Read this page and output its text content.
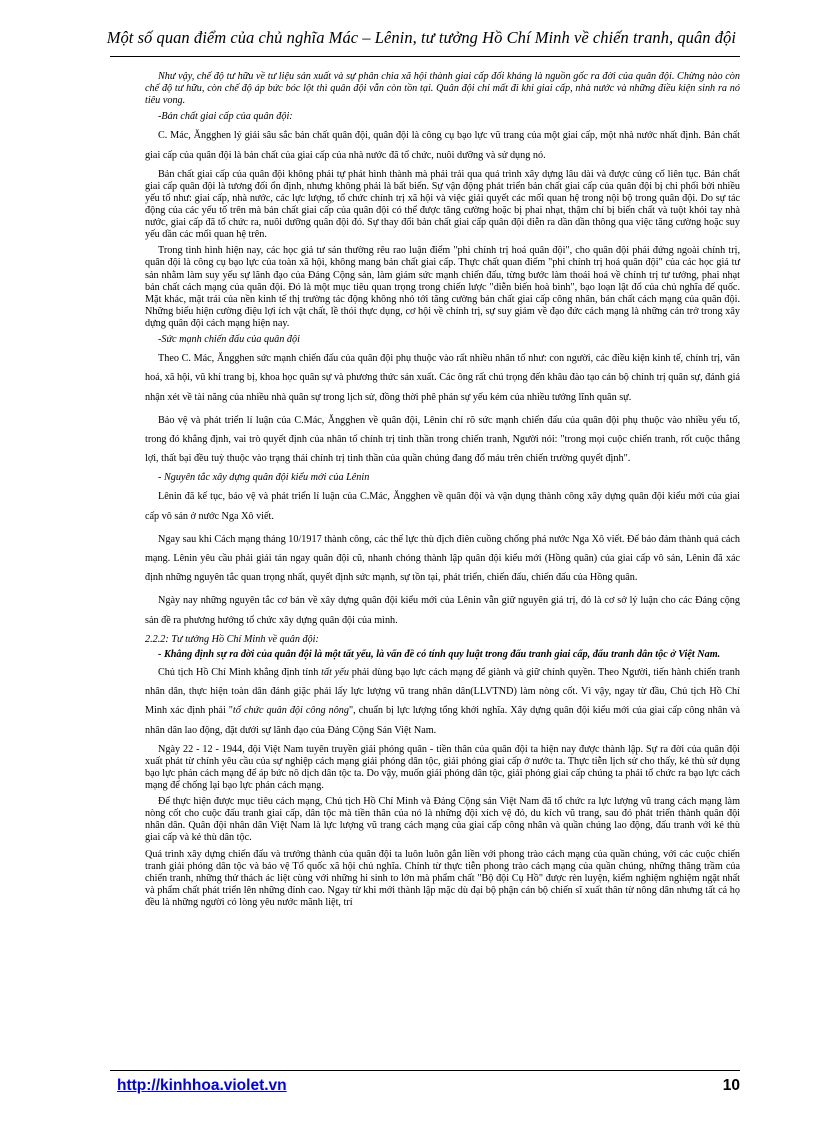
Một số quan điểm của chủ nghĩa Mác – Lênin, tư tưởng Hồ Chí Minh về chiến tranh, quân đội

Như vậy, chế độ tư hữu về tư liệu sản xuất và sự phân chia xã hội thành giai cấp đối kháng là nguồn gốc ra đời của quân đội. Chừng nào còn chế độ tư hữu, còn chế độ áp bức bóc lột thì quân đội vẫn còn tồn tại. Quân đội chỉ mất đi khi giai cấp, nhà nước và những điều kiện sinh ra nó tiêu vong.

-Bản chất giai cấp của quân đội:

C. Mác, Ăngghen lý giải sâu sắc bản chất quân đội, quân đội là công cụ bạo lực vũ trang của một giai cấp, một nhà nước nhất định. Bản chất giai cấp của quân đội là bản chất của giai cấp của nhà nước đã tổ chức, nuôi dưỡng và sử dụng nó.

Bản chất giai cấp của quân đội không phải tự phát hình thành mà phải trải qua quá trình xây dựng lâu dài và được củng cố liên tục. Bản chất giai cấp quân đội là tương đối ổn định, nhưng không phải là bất biến. Sự vận động phát triển bản chất giai cấp của quân đội bị chi phối bởi nhiều yếu tố như: giai cấp, nhà nước, các lực lượng, tổ chức chính trị xã hội và việc giải quyết các mối quan hệ trong nội bộ trong quân đội. Do sự tác động của các yếu tố trên mà bản chất giai cấp của quân đội có thể được tăng cường hoặc bị phai nhạt, thậm chí bị biến chất và tuột khỏi tay nhà nước, giai cấp đã tổ chức ra, nuôi dưỡng quân đội đó. Sự thay đổi bản chất giai cấp quân đội diễn ra dần dần thông qua việc tăng cường hoặc suy yếu dần các mối quan hệ trên.

Trong tình hình hiện nay, các học giả tư sản thường rêu rao luận điểm "phi chính trị hoá quân đội", cho quân đội phải đứng ngoài chính trị, quân đội là công cụ bạo lực của toàn xã hội, không mang bản chất giai cấp. Thực chất quan điểm "phi chính trị hoá quân đội" của các học giả tư sản nhằm làm suy yếu sự lãnh đạo của Đảng Cộng sản, làm giảm sức mạnh chiến đấu, từng bước làm thoái hoá về chính trị tư tưởng, phai nhạt bản chất cách mạng của quân đội. Đó là một mục tiêu quan trọng trong chiến lược "diễn biến hoà bình", bạo loạn lật đổ của chủ nghĩa đế quốc. Mặt khác, mặt trái của nền kinh tế thị trường tác động không nhỏ tới tăng cường bản chất giai cấp công nhân, bản chất cách mạng của quân đội. Những biểu hiện cường điệu lợi ích vật chất, lề thói thực dụng, cơ hội về chính trị, sự suy giảm về đạo đức cách mạng là những cản trở trong xây dựng quân đội cách mạng hiện nay.

-Sức mạnh chiến đấu của quân đội

Theo C. Mác, Ăngghen sức mạnh chiến đấu của quân đội phụ thuộc vào rất nhiều nhân tố như: con người, các điều kiện kinh tế, chính trị, văn hoá, xã hội, vũ khí trang bị, khoa học quân sự và phương thức sản xuất. Các ông rất chú trọng đến khâu đào tạo cán bộ chính trị quân sự, đánh giá nhận xét về tài năng của nhiều nhà quân sự trong lịch sử, đồng thời phê phán sự yếu kém của nhiều tướng lĩnh quân sự.

Bảo vệ và phát triển lí luận của C.Mác, Ăngghen về quân đội, Lênin chỉ rõ sức mạnh chiến đấu của quân đội phụ thuộc vào nhiều yếu tố, trong đó khẳng định, vai trò quyết định của nhân tố chính trị tinh thần trong chiến tranh, Người nói: "trong mọi cuộc chiến tranh, rốt cuộc thắng lợi, thất bại đều tuỳ thuộc vào trạng thái chính trị tinh thần của quần chúng đang đổ máu trên chiến trường quyết định".

- Nguyên tắc xây dựng quân đội kiểu mới của Lênin

Lênin đã kế tục, bảo vệ và phát triển lí luận của C.Mác, Ăngghen về quân đội và vận dụng thành công xây dựng quân đội kiểu mới của giai cấp vô sản ở nước Nga Xô viết.

Ngay sau khi Cách mạng tháng 10/1917 thành công, các thế lực thù địch điên cuồng chống phá nước Nga Xô viết. Để bảo đảm thành quả cách mạng. Lênin yêu cầu phải giải tán ngay quân đội cũ, nhanh chóng thành lập quân đội kiểu mới (Hồng quân) của giai cấp vô sản, Lênin đã xác định những nguyên tắc quan trọng nhất, quyết định sức mạnh, sự tồn tại, phát triển, chiến đấu, chiến đấu của Hồng quân.

Ngày nay những nguyên tắc cơ bản về xây dựng quân đội kiểu mới của Lênin vẫn giữ nguyên giá trị, đó là cơ sở lý luận cho các Đảng cộng sản đề ra phương hướng tổ chức xây dựng quân đội của mình.

2.2.2: Tư tưởng Hồ Chí Minh về quân đội:

- Khẳng định sự ra đời của quân đội là một tất yếu, là vấn đề có tính quy luật trong đấu tranh giai cấp, đấu tranh dân tộc ở Việt Nam.

Chủ tịch Hồ Chí Minh khẳng định tính tất yếu phải dùng bạo lực cách mạng để giành và giữ chính quyền. Theo Người, tiến hành chiến tranh nhân dân, thực hiện toàn dân đánh giặc phải lấy lực lượng vũ trang nhân dân(LLVTND) làm nòng cốt. Vì vậy, ngay từ đầu, Chủ tịch Hồ Chí Minh xác định phải "tổ chức quân đội công nông", chuẩn bị lực lượng tổng khởi nghĩa. Xây dựng quân đội kiểu mới của giai cấp công nhân và nhân dân lao động, đặt dưới sự lãnh đạo của Đảng Cộng Sản Việt Nam.

Ngày 22 - 12 - 1944, đội Việt Nam tuyên truyền giải phóng quân - tiền thân của quân đội ta hiện nay được thành lập. Sự ra đời của quân đội xuất phát từ chính yêu cầu của sự nghiệp cách mạng giải phóng dân tộc, giải phóng giai cấp ở nước ta. Thực tiễn lịch sử cho thấy, kẻ thù sử dụng bạo lực phản cách mạng để áp bức nô dịch dân tộc ta. Do vậy, muốn giải phóng dân tộc, giải phóng giai cấp chúng ta phải tổ chức ra bạo lực cách mạng để chống lại bạo lực phản cách mạng.

Để thực hiện được mục tiêu cách mạng, Chủ tịch Hồ Chí Minh và Đảng Cộng sản Việt Nam đã tổ chức ra lực lượng vũ trang cách mạng làm nòng cốt cho cuộc đấu tranh giai cấp, dân tộc mà tiền thân của nó là những đội xích vệ đỏ, du kích vũ trang, sau đó phát triển thành quân đội nhân dân. Quân đội nhân dân Việt Nam là lực lượng vũ trang cách mạng của giai cấp công nhân và quần chúng lao động, đấu tranh với kẻ thù giai cấp và kẻ thù dân tộc.

Quá trình xây dựng chiến đấu và trưởng thành của quân đội ta luôn luôn gắn liền với phong trào cách mạng của quần chúng, với các cuộc chiến tranh giải phóng dân tộc và bảo vệ Tổ quốc xã hội chủ nghĩa. Chính từ thực tiễn phong trào cách mạng của quần chúng, những thăng trầm của chiến tranh, những thử thách ác liệt cùng với những hi sinh to lớn mà phẩm chất "Bộ đội Cụ Hồ" được rèn luyện, kiểm nghiệm nghiệm ngặt nhất và phẩm chất phát triển lên những đỉnh cao. Ngay từ khi mới thành lập mặc dù đại bộ phận cán bộ chiến sĩ xuất thân từ nông dân nhưng tất cả họ đều là những người có lòng yêu nước mãnh liệt, trí

http://kinhhoa.violet.vn	10
